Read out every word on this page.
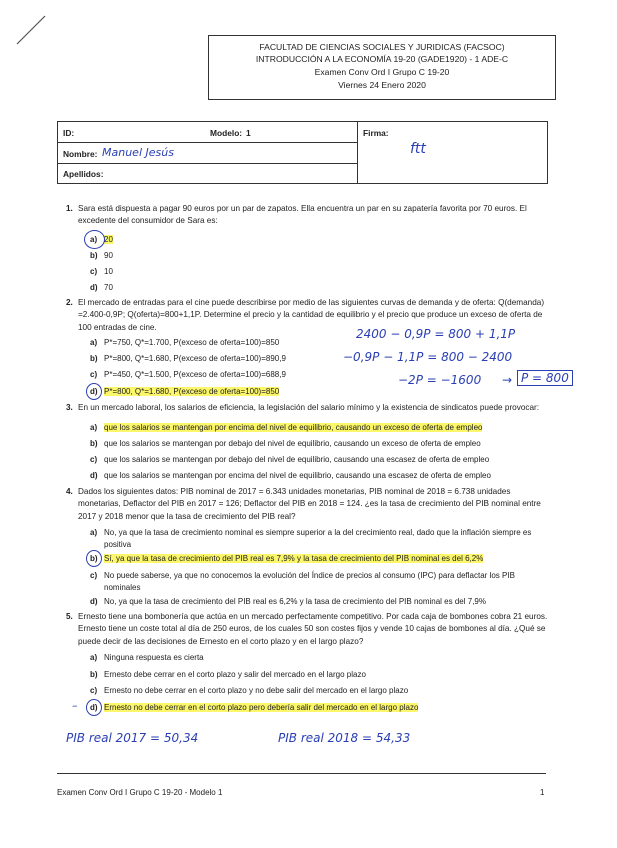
FACULTAD DE CIENCIAS SOCIALES Y JURIDICAS (FACSOC)
INTRODUCCIÓN A LA ECONOMÍA 19-20 (GADE1920) - 1 ADE-C
Examen Conv Ord I Grupo C 19-20
Viernes 24 Enero 2020
ID:	Modelo: 1	Firma:
Nombre: Manuel Jesús
Apellidos:
ftt
1. Sara está dispuesta a pagar 90 euros por un par de zapatos. Ella encuentra un par en su zapatería favorita por 70 euros. El excedente del consumidor de Sara es:
a) 20
b) 90
c) 10
d) 70
2. El mercado de entradas para el cine puede describirse por medio de las siguientes curvas de demanda y de oferta: Q(demanda) =2.400-0,9P; Q(oferta)=800+1,1P. Determine el precio y la cantidad de equilibrio y el precio que produce un exceso de oferta de 100 entradas de cine.
a) P*=750, Q*=1.700, P(exceso de oferta=100)=850
b) P*=800, Q*=1.680, P(exceso de oferta=100)=890,9
c) P*=450, Q*=1.500, P(exceso de oferta=100)=688,9
d) P*=800, Q*=1.680, P(exceso de oferta=100)=850
2400 − 0,9P = 800 + 1,1P
−0,9P − 1,1P = 800 − 2400
−2P = −1600 → P = 800
3. En un mercado laboral, los salarios de eficiencia, la legislación del salario mínimo y la existencia de sindicatos puede provocar:
a) que los salarios se mantengan por encima del nivel de equilibrio, causando un exceso de oferta de empleo
b) que los salarios se mantengan por debajo del nivel de equilibrio, causando un exceso de oferta de empleo
c) que los salarios se mantengan por debajo del nivel de equilibrio, causando una escasez de oferta de empleo
d) que los salarios se mantengan por encima del nivel de equilibrio, causando una escasez de oferta de empleo
4. Dados los siguientes datos: PIB nominal de 2017 = 6.343 unidades monetarias, PIB nominal de 2018 = 6.738 unidades monetarias, Deflactor del PIB en 2017 = 126; Deflactor del PIB en 2018 = 124. ¿es la tasa de crecimiento del PIB nominal entre 2017 y 2018 menor que la tasa de crecimiento del PIB real?
a) No, ya que la tasa de crecimiento nominal es siempre superior a la del crecimiento real, dado que la inflación siempre es positiva
b) Sí, ya que la tasa de crecimiento del PIB real es 7,9% y la tasa de crecimiento del PIB nominal es del 6,2%
c) No puede saberse, ya que no conocemos la evolución del Índice de precios al consumo (IPC) para deflactar los PIB nominales
d) No, ya que la tasa de crecimiento del PIB real es 6,2% y la tasa de crecimiento del PIB nominal es del 7,9%
5. Ernesto tiene una bombonería que actúa en un mercado perfectamente competitivo. Por cada caja de bombones cobra 21 euros. Ernesto tiene un coste total al día de 250 euros, de los cuales 50 son costes fijos y vende 10 cajas de bombones al día. ¿Qué se puede decir de las decisiones de Ernesto en el corto plazo y en el largo plazo?
a) Ninguna respuesta es cierta
b) Ernesto debe cerrar en el corto plazo y salir del mercado en el largo plazo
c) Ernesto no debe cerrar en el corto plazo y no debe salir del mercado en el largo plazo
d) Ernesto no debe cerrar en el corto plazo pero debería salir del mercado en el largo plazo
–
PIB real 2017 = 50,34	PIB real 2018 = 54,33
Examen Conv Ord I Grupo C 19-20 - Modelo 1	1
